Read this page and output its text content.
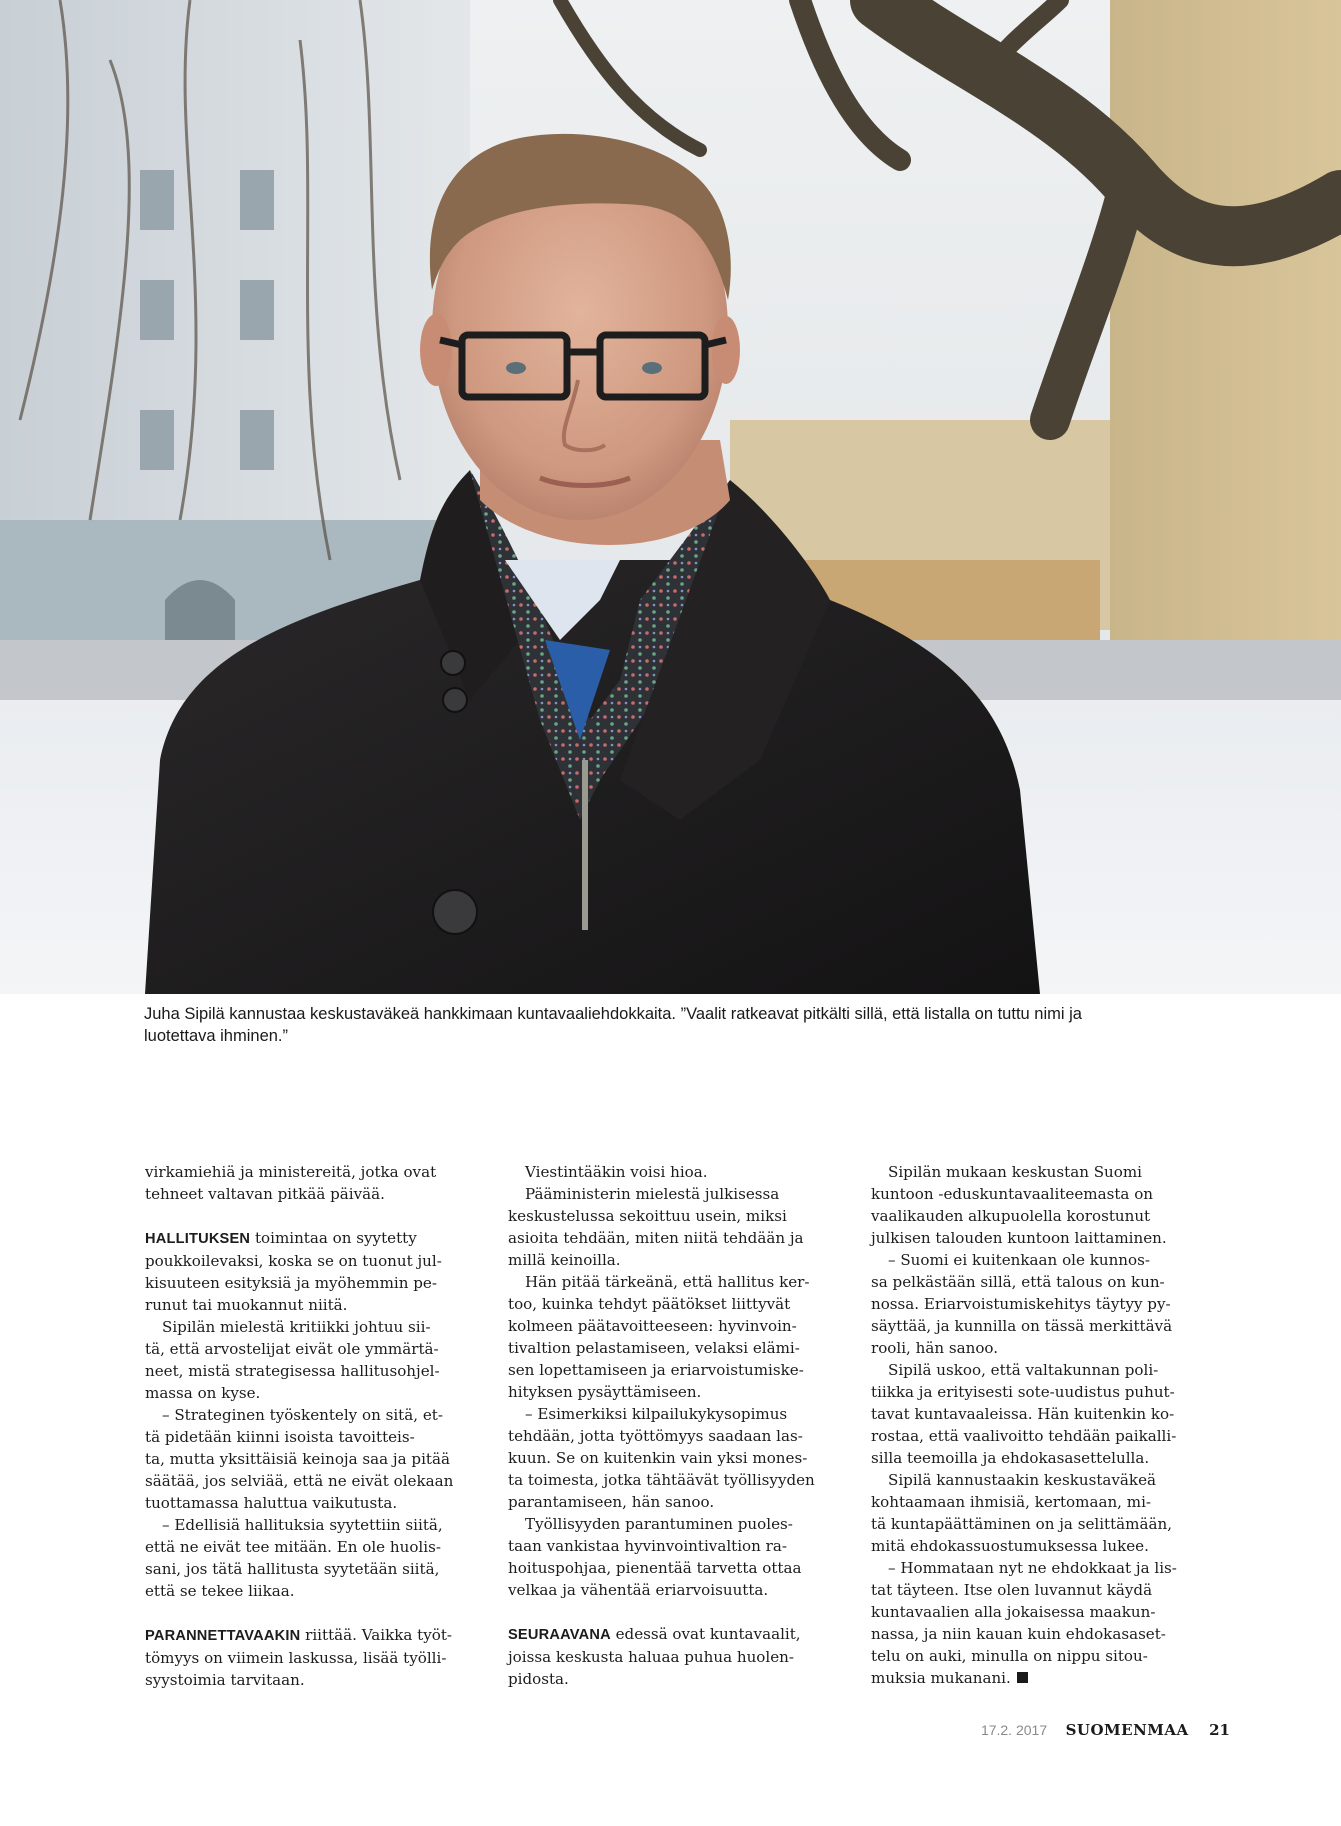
Juha Sipilä kannustaa keskustaväkeä hankkimaan kuntavaaliehdokkaita. ”Vaalit ratkeavat pitkälti sillä, että listalla on tuttu nimi ja
luotettava ihminen.”
virkamiehiä ja ministereitä, jotka ovat
tehneet valtavan pitkää päivää.
HALLITUKSEN toimintaa on syytetty
poukkoilevaksi, koska se on tuonut jul-
kisuuteen esityksiä ja myöhemmin pe-
runut tai muokannut niitä.
Sipilän mielestä kritiikki johtuu sii-
tä, että arvostelijat eivät ole ymmärtä-
neet, mistä strategisessa hallitusohjel-
massa on kyse.
– Strateginen työskentely on sitä, et-
tä pidetään kiinni isoista tavoitteis-
ta, mutta yksittäisiä keinoja saa ja pitää
säätää, jos selviää, että ne eivät olekaan
tuottamassa haluttua vaikutusta.
– Edellisiä hallituksia syytettiin siitä,
että ne eivät tee mitään. En ole huolis-
sani, jos tätä hallitusta syytetään siitä,
että se tekee liikaa.
PARANNETTAVAAKIN riittää. Vaikka työt-
tömyys on viimein laskussa, lisää työlli-
syystoimia tarvitaan.
Viestintääkin voisi hioa.
Pääministerin mielestä julkisessa
keskustelussa sekoittuu usein, miksi
asioita tehdään, miten niitä tehdään ja
millä keinoilla.
Hän pitää tärkeänä, että hallitus ker-
too, kuinka tehdyt päätökset liittyvät
kolmeen päätavoitteeseen: hyvinvoin-
tivaltion pelastamiseen, velaksi elämi-
sen lopettamiseen ja eriarvoistumiske-
hityksen pysäyttämiseen.
– Esimerkiksi kilpailukykysopimus
tehdään, jotta työttömyys saadaan las-
kuun. Se on kuitenkin vain yksi mones-
ta toimesta, jotka tähtäävät työllisyyden
parantamiseen, hän sanoo.
Työllisyyden parantuminen puoles-
taan vankistaa hyvinvointivaltion ra-
hoituspohjaa, pienentää tarvetta ottaa
velkaa ja vähentää eriarvoisuutta.
SEURAAVANA edessä ovat kuntavaalit,
joissa keskusta haluaa puhua huolen-
pidosta.
Sipilän mukaan keskustan Suomi
kuntoon -eduskuntavaaliteemasta on
vaalikauden alkupuolella korostunut
julkisen talouden kuntoon laittaminen.
– Suomi ei kuitenkaan ole kunnos-
sa pelkästään sillä, että talous on kun-
nossa. Eriarvoistumiskehitys täytyy py-
säyttää, ja kunnilla on tässä merkittävä
rooli, hän sanoo.
Sipilä uskoo, että valtakunnan poli-
tiikka ja erityisesti sote-uudistus puhut-
tavat kuntavaaleissa. Hän kuitenkin ko-
rostaa, että vaalivoitto tehdään paikalli-
silla teemoilla ja ehdokasasettelulla.
Sipilä kannustaakin keskustaväkeä
kohtaamaan ihmisiä, kertomaan, mi-
tä kuntapäättäminen on ja selittämään,
mitä ehdokassuostumuksessa lukee.
– Hommataan nyt ne ehdokkaat ja lis-
tat täyteen. Itse olen luvannut käydä
kuntavaalien alla jokaisessa maakun-
nassa, ja niin kauan kuin ehdokasaset-
telu on auki, minulla on nippu sitou-
muksia mukanani.
17.2. 2017 SUOMENMAA 21
